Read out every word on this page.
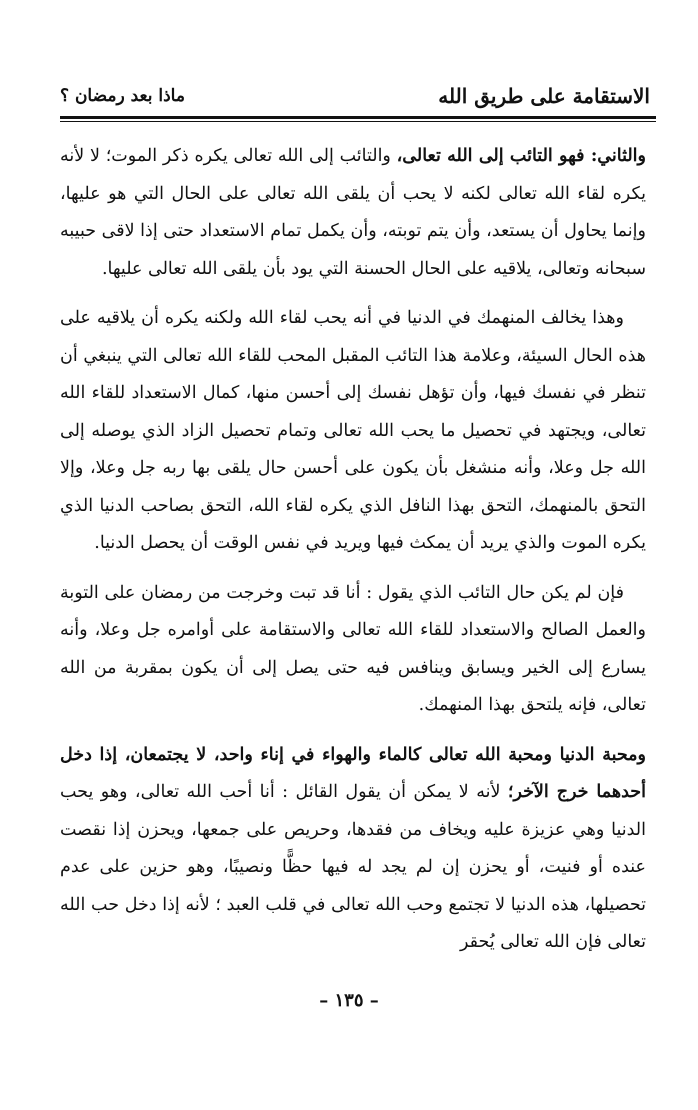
الاستقامة على طريق الله
ماذا بعد رمضان ؟

والثاني: فهو التائب إلى الله تعالى، والتائب إلى الله تعالى يكره ذكر الموت؛ لا لأنه يكره لقاء الله تعالى لكنه لا يحب أن يلقى الله تعالى على الحال التي هو عليها، وإنما يحاول أن يستعد، وأن يتم توبته، وأن يكمل تمام الاستعداد حتى إذا لاقى حبيبه سبحانه وتعالى، يلاقيه على الحال الحسنة التي يود بأن يلقى الله تعالى عليها.

وهذا يخالف المنهمك في الدنيا في أنه يحب لقاء الله ولكنه يكره أن يلاقيه على هذه الحال السيئة، وعلامة هذا التائب المقبل المحب للقاء الله تعالى التي ينبغي أن تنظر في نفسك فيها، وأن تؤهل نفسك إلى أحسن منها، كمال الاستعداد للقاء الله تعالى، ويجتهد في تحصيل ما يحب الله تعالى وتمام تحصيل الزاد الذي يوصله إلى الله جل وعلا، وأنه منشغل بأن يكون على أحسن حال يلقى بها ربه جل وعلا، وإلا التحق بالمنهمك، التحق بهذا النافل الذي يكره لقاء الله، التحق بصاحب الدنيا الذي يكره الموت والذي يريد أن يمكث فيها ويريد في نفس الوقت أن يحصل الدنيا.

فإن لم يكن حال التائب الذي يقول : أنا قد تبت وخرجت من رمضان على التوبة والعمل الصالح والاستعداد للقاء الله تعالى والاستقامة على أوامره جل وعلا، وأنه يسارع إلى الخير ويسابق وينافس فيه حتى يصل إلى أن يكون بمقربة من الله تعالى، فإنه يلتحق بهذا المنهمك.

ومحبة الدنيا ومحبة الله تعالى كالماء والهواء في إناء واحد، لا يجتمعان، إذا دخل أحدهما خرج الآخر؛ لأنه لا يمكن أن يقول القائل : أنا أحب الله تعالى، وهو يحب الدنيا وهي عزيزة عليه ويخاف من فقدها، وحريص على جمعها، ويحزن إذا نقصت عنده أو فنيت، أو يحزن إن لم يجد له فيها حظًّا ونصيبًا، وهو حزين على عدم تحصيلها، هذه الدنيا لا تجتمع وحب الله تعالى في قلب العبد ؛ لأنه إذا دخل حب الله تعالى فإن الله تعالى يُحقر

– ١٣٥ –
